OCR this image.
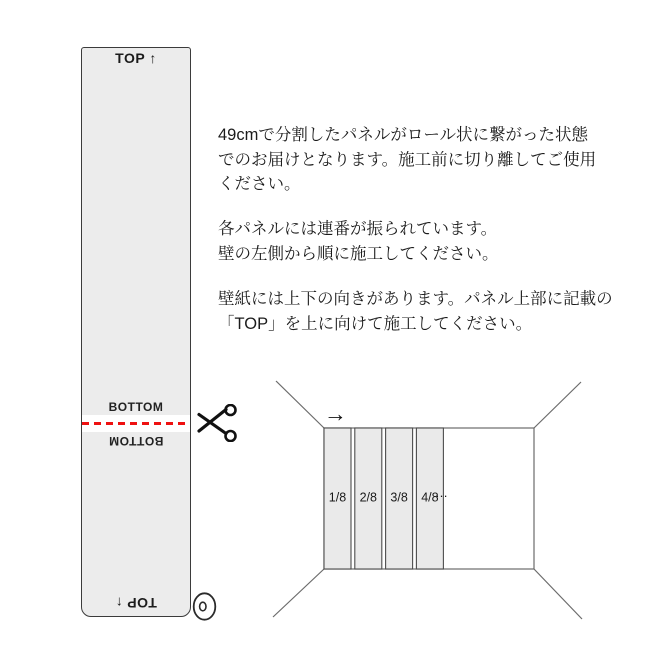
TOP ↑
BOTTOM
BOTTOM
TOP ↑
49cmで分割したパネルがロール状に繋がった状態
でのお届けとなります。施工前に切り離してご使用
ください。
各パネルには連番が振られています。
壁の左側から順に施工してください。
壁紙には上下の向きがあります。パネル上部に記載の
「TOP」を上に向けて施工してください。
→
1/8 2/8 3/8 4/8
…
